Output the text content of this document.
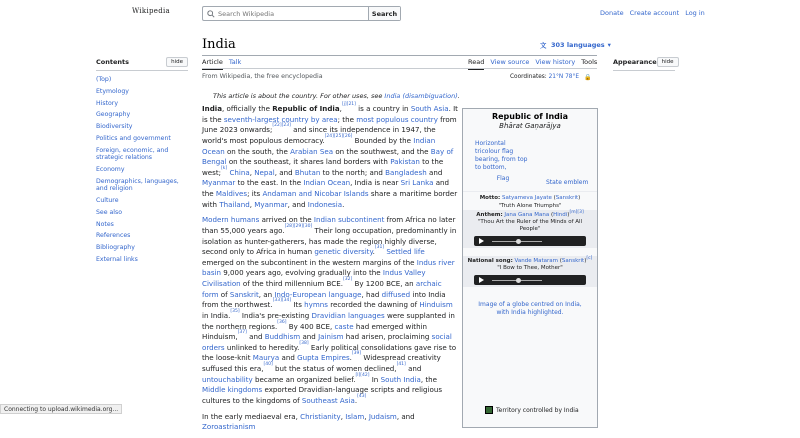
Wikipedia
Search Wikipedia	Search	Donate Create account Log in
Contents	hide
(Top)
Etymology
History
Geography
Biodiversity
Politics and government
Foreign, economic, and strategic relations
Economy
Demographics, languages, and religion
Culture
See also
Notes
References
Bibliography
External links
India	文 303 languages ▾
Article Talk	Read View source View history Tools
From Wikipedia, the free encyclopedia	Coordinates: 21°N 78°E 🔒
Appearance hide
This article is about the country. For other uses, see India (disambiguation).

India, officially the Republic of India,[j][21] is a country in South Asia. It is the seventh-largest country by area; the most populous country from June 2023 onwards;[22][23] and since its independence in 1947, the world's most populous democracy.[24][25][26] Bounded by the Indian Ocean on the south, the Arabian Sea on the southwest, and the Bay of Bengal on the southeast, it shares land borders with Pakistan to the west;[k] China, Nepal, and Bhutan to the north; and Bangladesh and Myanmar to the east. In the Indian Ocean, India is near Sri Lanka and the Maldives; its Andaman and Nicobar Islands share a maritime border with Thailand, Myanmar, and Indonesia.

Modern humans arrived on the Indian subcontinent from Africa no later than 55,000 years ago.[28][29][30] Their long occupation, predominantly in isolation as hunter-gatherers, has made the region highly diverse, second only to Africa in human genetic diversity.[31] Settled life emerged on the subcontinent in the western margins of the Indus river basin 9,000 years ago, evolving gradually into the Indus Valley Civilisation of the third millennium BCE.[32] By 1200 BCE, an archaic form of Sanskrit, an Indo-European language, had diffused into India from the northwest.[33][34] Its hymns recorded the dawning of Hinduism in India.[35] India's pre-existing Dravidian languages were supplanted in the northern regions.[36] By 400 BCE, caste had emerged within Hinduism,[37] and Buddhism and Jainism had arisen, proclaiming social orders unlinked to heredity.[38] Early political consolidations gave rise to the loose-knit Maurya and Gupta Empires.[39] Widespread creativity suffused this era,[40] but the status of women declined,[41] and untouchability became an organized belief.[l][42] In South India, the Middle kingdoms exported Dravidian-language scripts and religious cultures to the kingdoms of Southeast Asia.[43]

In the early mediaeval era, Christianity, Islam, Judaism, and Zoroastrianism

Republic of India
Bhārat Gaṇarājya
Horizontal tricolour flag bearing, from top to bottom,
Flag
State emblem
Motto: Satyameva Jayate (Sanskrit)
"Truth Alone Triumphs"
Anthem: Jana Gana Mana (Hindi)[m][3]
"Thou Art the Ruler of the Minds of All People"
National song: Vande Mataram (Sanskrit)[c]
"I Bow to Thee, Mother"
Image of a globe centred on India, with India highlighted.
Territory controlled by India
Connecting to upload.wikimedia.org...
